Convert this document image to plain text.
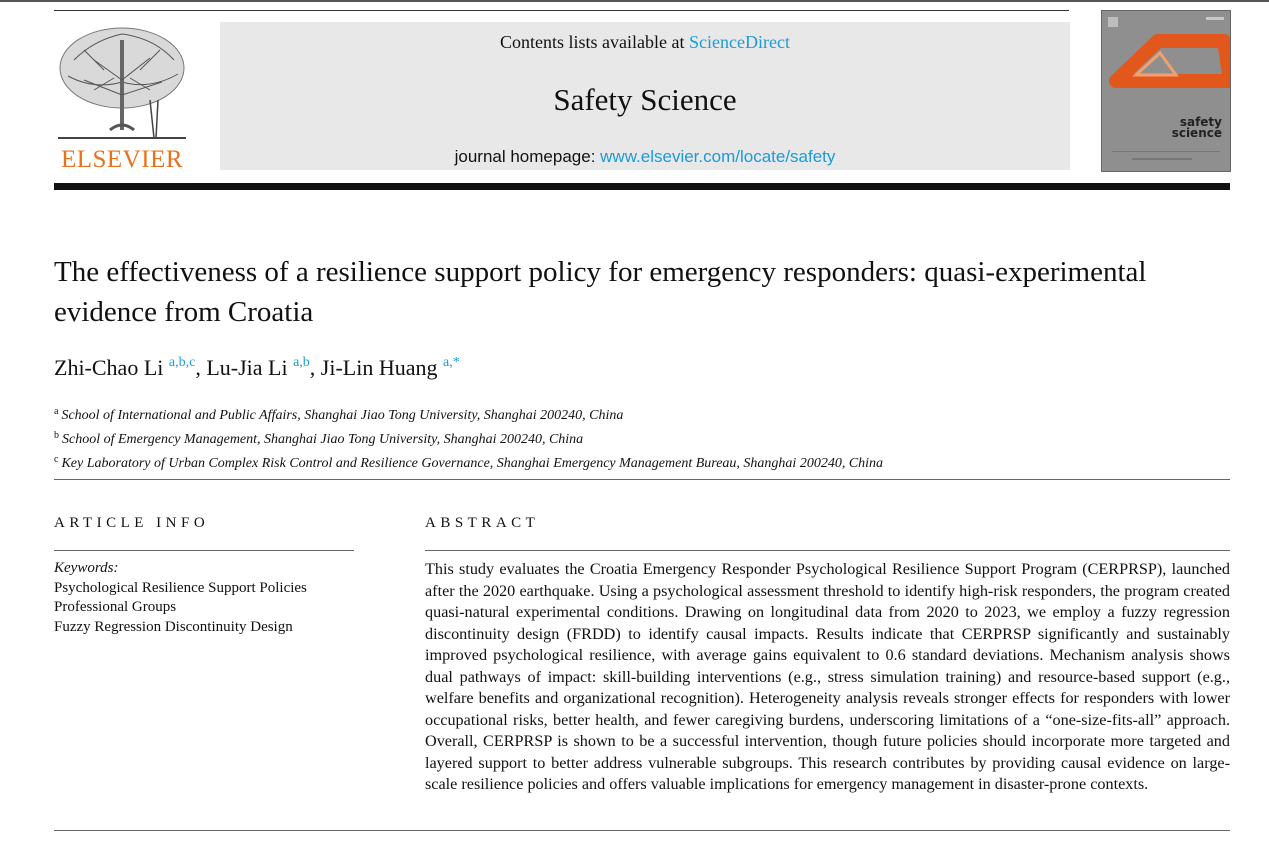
ELSEVIER
Contents lists available at ScienceDirect
Safety Science
journal homepage: www.elsevier.com/locate/safety
safety
science
The effectiveness of a resilience support policy for emergency responders: quasi-experimental evidence from Croatia
Zhi-Chao Li $^{a,b,c}$, Lu-Jia Li $^{a,b}$, Ji-Lin Huang $^{a,*}$
$^a$ School of International and Public Affairs, Shanghai Jiao Tong University, Shanghai 200240, China
$^b$ School of Emergency Management, Shanghai Jiao Tong University, Shanghai 200240, China
$^c$ Key Laboratory of Urban Complex Risk Control and Resilience Governance, Shanghai Emergency Management Bureau, Shanghai 200240, China
ARTICLE INFO	ABSTRACT
Keywords:
Psychological Resilience Support Policies
Professional Groups
Fuzzy Regression Discontinuity Design

This study evaluates the Croatia Emergency Responder Psychological Resilience Support Program (CERPRSP), launched after the 2020 earthquake. Using a psychological assessment threshold to identify high-risk responders, the program created quasi-natural experimental conditions. Drawing on longitudinal data from 2020 to 2023, we employ a fuzzy regression discontinuity design (FRDD) to identify causal impacts. Results indicate that CERPRSP significantly and sustainably improved psychological resilience, with average gains equivalent to 0.6 standard deviations. Mechanism analysis shows dual pathways of impact: skill-building interventions (e.g., stress simulation training) and resource-based support (e.g., welfare benefits and organizational recognition). Heterogeneity analysis reveals stronger effects for responders with lower occupational risks, better health, and fewer caregiving burdens, underscoring limitations of a “one-size-fits-all” approach. Overall, CERPRSP is shown to be a successful intervention, though future policies should incorporate more targeted and layered support to better address vulnerable subgroups. This research contributes by providing causal evidence on large-scale resilience policies and offers valuable implications for emergency management in disaster-prone contexts.
